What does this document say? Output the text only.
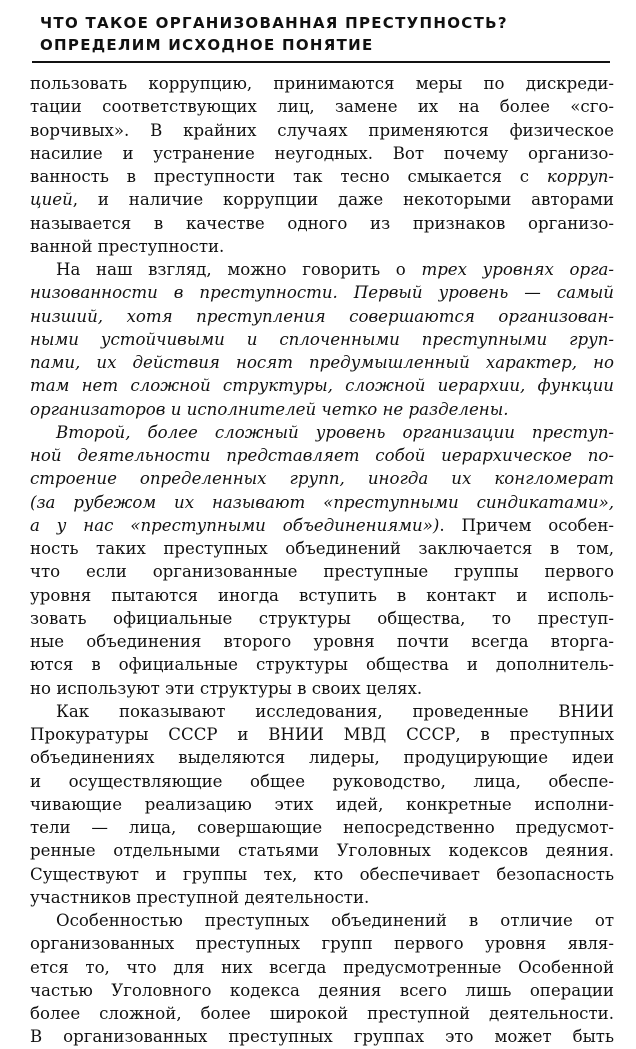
ЧТО ТАКОЕ ОРГАНИЗОВАННАЯ ПРЕСТУПНОСТЬ?
ОПРЕДЕЛИМ ИСХОДНОЕ ПОНЯТИЕ
пользовать коррупцию, принимаются меры по дискреди-
тации соответствующих лиц, замене их на более «сго-
ворчивых». В крайних случаях применяются физическое
насилие и устранение неугодных. Вот почему организо-
ванность в преступности так тесно смыкается с корруп-
цией, и наличие коррупции даже некоторыми авторами
называется в качестве одного из признаков организо-
ванной преступности.
На наш взгляд, можно говорить о трех уровнях орга-
низованности в преступности. Первый уровень — самый
низший, хотя преступления совершаются организован-
ными устойчивыми и сплоченными преступными груп-
пами, их действия носят предумышленный характер, но
там нет сложной структуры, сложной иерархии, функции
организаторов и исполнителей четко не разделены.
Второй, более сложный уровень организации преступ-
ной деятельности представляет собой иерархическое по-
строение определенных групп, иногда их конгломерат
(за рубежом их называют «преступными синдикатами»,
а у нас «преступными объединениями»). Причем особен-
ность таких преступных объединений заключается в том,
что если организованные преступные группы первого
уровня пытаются иногда вступить в контакт и исполь-
зовать официальные структуры общества, то преступ-
ные объединения второго уровня почти всегда вторга-
ются в официальные структуры общества и дополнитель-
но используют эти структуры в своих целях.
Как показывают исследования, проведенные ВНИИ
Прокуратуры СССР и ВНИИ МВД СССР, в преступных
объединениях выделяются лидеры, продуцирующие идеи
и осуществляющие общее руководство, лица, обеспе-
чивающие реализацию этих идей, конкретные исполни-
тели — лица, совершающие непосредственно предусмот-
ренные отдельными статьями Уголовных кодексов деяния.
Существуют и группы тех, кто обеспечивает безопасность
участников преступной деятельности.
Особенностью преступных объединений в отличие от
организованных преступных групп первого уровня явля-
ется то, что для них всегда предусмотренные Особенной
частью Уголовного кодекса деяния всего лишь операции
более сложной, более широкой преступной деятельности.
В организованных преступных группах это может быть
